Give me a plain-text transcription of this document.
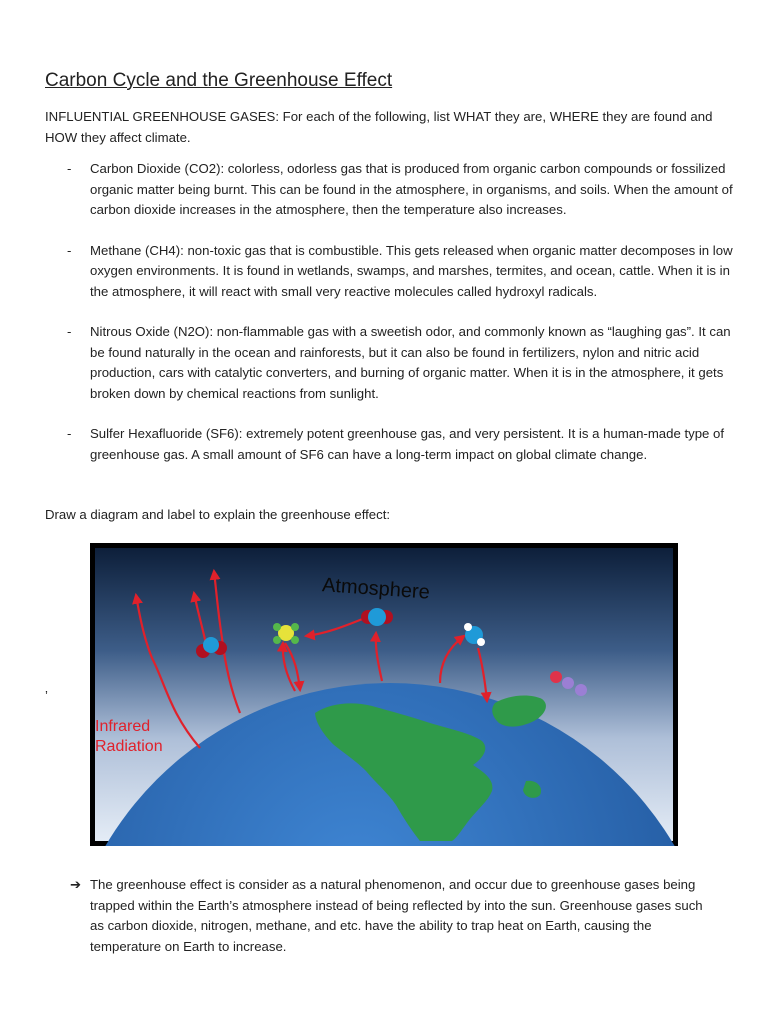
Carbon Cycle and the Greenhouse Effect
INFLUENTIAL GREENHOUSE GASES: For each of the following, list WHAT they are, WHERE they are found and HOW they affect climate.
-	Carbon Dioxide (CO2): colorless, odorless gas that is produced from organic carbon compounds or fossilized organic matter being burnt. This can be found in the atmosphere, in organisms, and soils. When the amount of carbon dioxide increases in the atmosphere, then the temperature also increases.
-	Methane (CH4): non-toxic gas that is combustible. This gets released when organic matter decomposes in low oxygen environments. It is found in wetlands, swamps, and marshes, termites, and ocean, cattle. When it is in the atmosphere, it will react with small very reactive molecules called hydroxyl radicals.
-	Nitrous Oxide (N2O): non-flammable gas with a sweetish odor, and commonly known as “laughing gas”. It can be found naturally in the ocean and rainforests, but it can also be found in fertilizers, nylon and nitric acid production, cars with catalytic converters, and burning of organic matter. When it is in the atmosphere, it gets broken down by chemical reactions from sunlight.
-	Sulfer Hexafluoride (SF6): extremely potent greenhouse gas, and very persistent. It is a human-made type of greenhouse gas. A small amount of SF6 can have a long-term impact on global climate change.
Draw a diagram and label to explain the greenhouse effect:
’
Atmosphere
Infrared
Radiation
➔ The greenhouse effect is consider as a natural phenomenon, and occur due to greenhouse gases being trapped within the Earth’s atmosphere instead of being reflected by into the sun. Greenhouse gases such as carbon dioxide, nitrogen, methane, and etc. have the ability to trap heat on Earth, causing the temperature on Earth to increase.
